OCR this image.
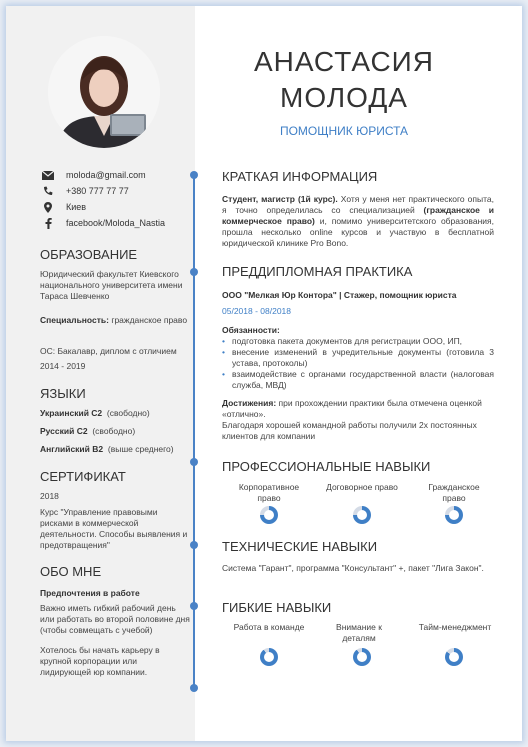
АНАСТАСИЯ
МОЛОДА
ПОМОЩНИК ЮРИСТА
moloda@gmail.com
+380 777 77 77
Киев
facebook/Moloda_Nastia
ОБРАЗОВАНИЕ
Юридический факультет Киевского национального университета имени Тараса Шевченко
Специальность: гражданское право
ОС: Бакалавр, диплом с отличием
2014 - 2019
ЯЗЫКИ
Украинский С2 (свободно)
Русский С2 (свободно)
Английский В2 (выше среднего)
СЕРТИФИКАТ
2018
Курс "Управление правовыми рисками в коммерческой деятельности. Способы выявления и предотвращения"
ОБО МНЕ
Предпочтения в работе
Важно иметь гибкий рабочий день или работать во второй половине дня (чтобы совмещать с учебой)
Хотелось бы начать карьеру в крупной корпорации или лидирующей юр компании.
КРАТКАЯ ИНФОРМАЦИЯ
Студент, магистр (1й курс). Хотя у меня нет практического опыта, я точно определилась со специализацией (гражданское и коммерческое право) и, помимо университетского образования, прошла несколько online курсов и участвую в бесплатной юридической клинике Pro Bono.
ПРЕДДИПЛОМНАЯ ПРАКТИКА
ООО "Мелкая Юр Контора" | Стажер, помощник юриста
05/2018 - 08/2018
Обязанности:
• подготовка пакета документов для регистрации ООО, ИП,
• внесение изменений в учредительные документы (готовила 3 устава, протоколы)
• взаимодействие с органами государственной власти (налоговая служба, МВД)
Достижения: при прохождении практики была отмечена оценкой «отлично».
Благодаря хорошей командной работы получили 2х постоянных клиентов для компании
ПРОФЕССИОНАЛЬНЫЕ НАВЫКИ
Корпоративное право
Договорное право	Гражданское право
ТЕХНИЧЕСКИЕ НАВЫКИ
Система "Гарант", программа "Консультант" +, пакет "Лига Закон".
ГИБКИЕ НАВЫКИ
Работа в команде	Внимание к деталям
Тайм-менеджмент
